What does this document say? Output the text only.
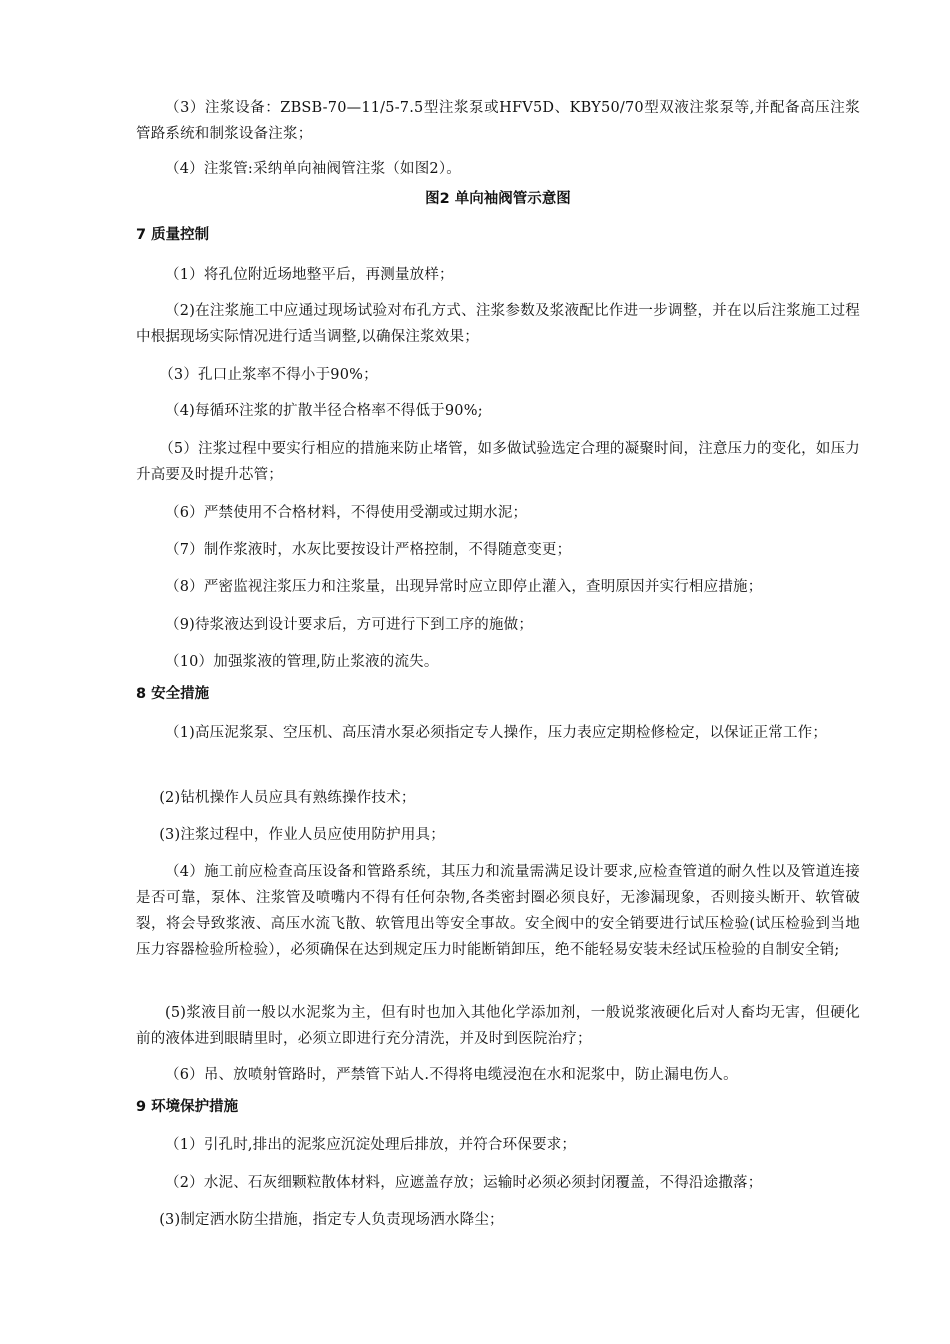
（3）注浆设备：ZBSB-70—11/5-7.5型注浆泵或HFV5D、KBY50/70型双液注浆泵等,并配备高压注浆管路系统和制浆设备注浆；

（4）注浆管:采纳单向袖阀管注浆（如图2）。

图2 单向袖阀管示意图

7 质量控制

（1）将孔位附近场地整平后，再测量放样；

（2)在注浆施工中应通过现场试验对布孔方式、注浆参数及浆液配比作进一步调整，并在以后注浆施工过程中根据现场实际情况进行适当调整,以确保注浆效果；

（3）孔口止浆率不得小于90%；

（4)每循环注浆的扩散半径合格率不得低于90%;

（5）注浆过程中要实行相应的措施来防止堵管，如多做试验选定合理的凝聚时间，注意压力的变化，如压力升高要及时提升芯管；

（6）严禁使用不合格材料，不得使用受潮或过期水泥；

（7）制作浆液时，水灰比要按设计严格控制，不得随意变更；

（8）严密监视注浆压力和注浆量，出现异常时应立即停止灌入，查明原因并实行相应措施；

（9)待浆液达到设计要求后，方可进行下到工序的施做；

（10）加强浆液的管理,防止浆液的流失。

8 安全措施

（1)高压泥浆泵、空压机、高压清水泵必须指定专人操作，压力表应定期检修检定，以保证正常工作；

(2)钻机操作人员应具有熟练操作技术；

(3)注浆过程中，作业人员应使用防护用具；

（4）施工前应检查高压设备和管路系统，其压力和流量需满足设计要求,应检查管道的耐久性以及管道连接是否可靠，泵体、注浆管及喷嘴内不得有任何杂物,各类密封圈必须良好，无渗漏现象，否则接头断开、软管破裂，将会导致浆液、高压水流飞散、软管甩出等安全事故。安全阀中的安全销要进行试压检验(试压检验到当地压力容器检验所检验），必须确保在达到规定压力时能断销卸压，绝不能轻易安装未经试压检验的自制安全销;

(5)浆液目前一般以水泥浆为主，但有时也加入其他化学添加剂，一般说浆液硬化后对人畜均无害，但硬化前的液体进到眼睛里时，必须立即进行充分清洗，并及时到医院治疗；

（6）吊、放喷射管路时，严禁管下站人.不得将电缆浸泡在水和泥浆中，防止漏电伤人。

9 环境保护措施

（1）引孔时,排出的泥浆应沉淀处理后排放，并符合环保要求；

（2）水泥、石灰细颗粒散体材料，应遮盖存放；运输时必须必须封闭覆盖，不得沿途撒落；

(3)制定洒水防尘措施，指定专人负责现场洒水降尘；
